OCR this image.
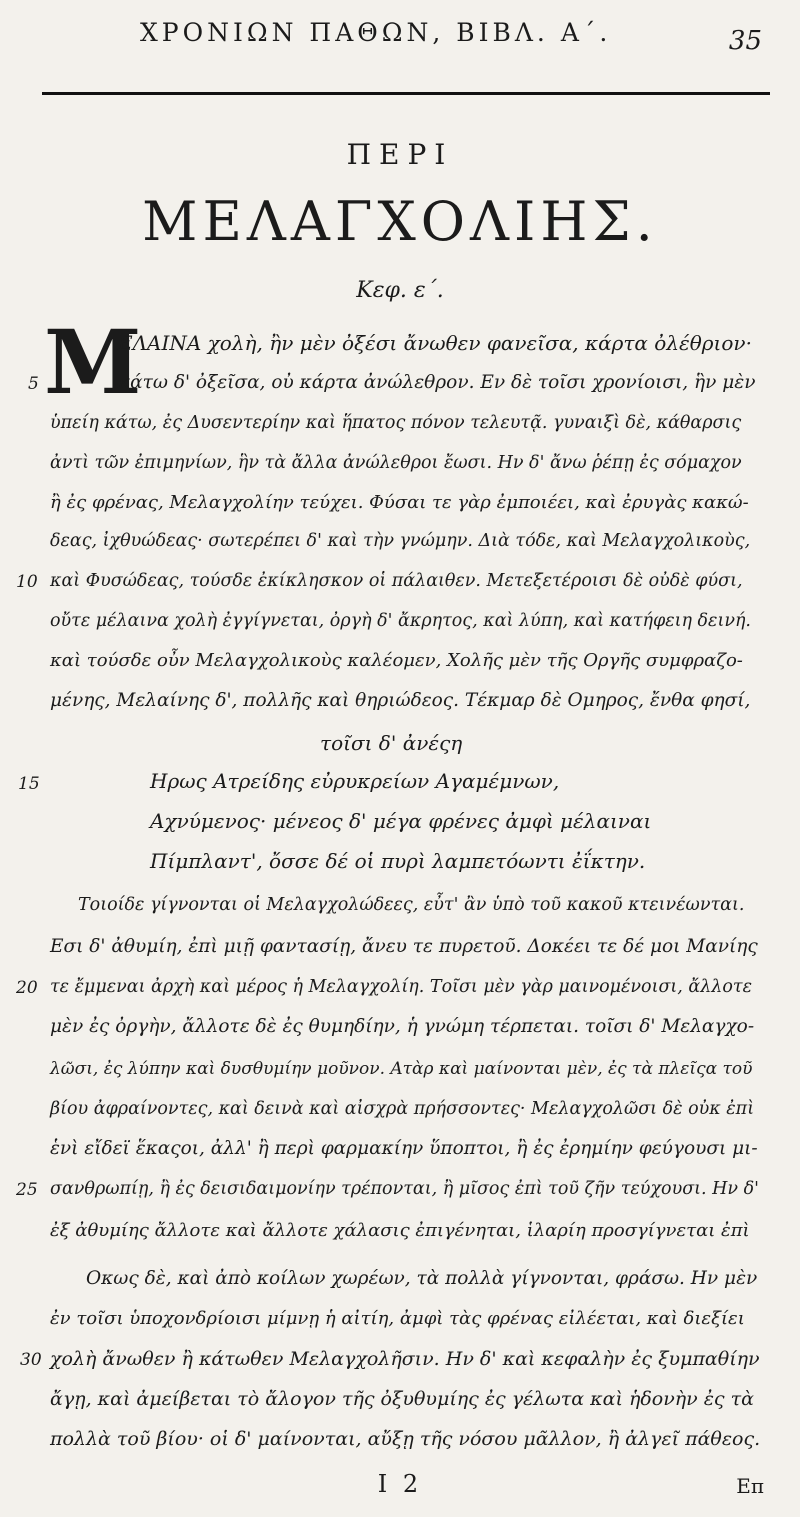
ΧΡΟΝΙΩΝ ΠΑΘΩΝ, ΒΙΒΛ. Α΄.	35
ΠΕΡΙ
ΜΕΛΑΓΧΟΛΙΗΣ.
Κεφ. ε΄.
Μ
ΕΛΑΙΝΑ χολὴ, ἢν μὲν ὀξέσι ἄνωθεν φανεῖσα, κάρτα ὀλέθριον·
κάτω δ' ὀξεῖσα, οὐ κάρτα ἀνώλεθρον. Εν δὲ τοῖσι χρονίοισι, ἣν μὲν
ὑπείη κάτω, ἐς Δυσεντερίην καὶ ἥπατος πόνον τελευτᾷ. γυναιξὶ δὲ, κάθαρσις
ἀντὶ τῶν ἐπιμηνίων, ἣν τὰ ἄλλα ἀνώλεθροι ἔωσι. Ην δ' ἄνω ῥέπῃ ἐς σόμαχον
ἢ ἐς φρένας, Μελαγχολίην τεύχει. Φύσαι τε γὰρ ἐμποιέει, καὶ ἐρυγὰς κακώ-
δεας, ἰχθυώδεας· σωτερέπει δ' καὶ τὴν γνώμην. Διὰ τόδε, καὶ Μελαγχολικοὺς,
καὶ Φυσώδεας, τούσδε ἐκίκλησκον οἱ πάλαιθεν. Μετεξετέροισι δὲ οὐδὲ φύσι,
οὔτε μέλαινα χολὴ ἐγγίγνεται, ὀργὴ δ' ἄκρητος, καὶ λύπη, καὶ κατήφειη δεινή.
καὶ τούσδε οὖν Μελαγχολικοὺς καλέομεν, Χολῆς μὲν τῆς Οργῆς συμφραζο-
μένης, Μελαίνης δ', πολλῆς καὶ θηριώδεος. Τέκμαρ δὲ Ομηρος, ἔνθα φησί,
τοῖσι δ' ἀνέςη
Ηρως Ατρείδης εὐρυκρείων Αγαμέμνων,
Αχνύμενος· μένεος δ' μέγα φρένες ἀμφὶ μέλαιναι
Πίμπλαντ', ὄσσε δέ οἱ πυρὶ λαμπετόωντι ἐΐκτην.
Τοιοίδε γίγνονται οἱ Μελαγχολώδεες, εὖτ' ἂν ὑπὸ τοῦ κακοῦ κτεινέωνται.
Εσι δ' ἀθυμίη, ἐπὶ μιῇ φαντασίῃ, ἄνευ τε πυρετοῦ. Δοκέει τε δέ μοι Μανίης
τε ἔμμεναι ἀρχὴ καὶ μέρος ἡ Μελαγχολίη. Τοῖσι μὲν γὰρ μαινομένοισι, ἄλλοτε
μὲν ἐς ὀργὴν, ἄλλοτε δὲ ἐς θυμηδίην, ἡ γνώμη τέρπεται. τοῖσι δ' Μελαγχο-
λῶσι, ἐς λύπην καὶ δυσθυμίην μοῦνον. Ατὰρ καὶ μαίνονται μὲν, ἐς τὰ πλεῖςα τοῦ
βίου ἀφραίνοντες, καὶ δεινὰ καὶ αἰσχρὰ πρήσσοντες· Μελαγχολῶσι δὲ οὐκ ἐπὶ
ἑνὶ εἴδεϊ ἕκαςοι, ἀλλ' ἢ περὶ φαρμακίην ὕποπτοι, ἢ ἐς ἐρημίην φεύγουσι μι-
σανθρωπίῃ, ἢ ἐς δεισιδαιμονίην τρέπονται, ἢ μῖσος ἐπὶ τοῦ ζῆν τεύχουσι. Ην δ'
ἐξ ἀθυμίης ἄλλοτε καὶ ἄλλοτε χάλασις ἐπιγένηται, ἱλαρίη προσγίγνεται ἐπὶ
Οκως δὲ, καὶ ἀπὸ κοίλων χωρέων, τὰ πολλὰ γίγνονται, φράσω. Ην μὲν
ἐν τοῖσι ὑποχονδρίοισι μίμνῃ ἡ αἰτίη, ἀμφὶ τὰς φρένας εἰλέεται, καὶ διεξίει
χολὴ ἄνωθεν ἢ κάτωθεν Μελαγχολῆσιν. Ην δ' καὶ κεφαλὴν ἐς ξυμπαθίην
ἄγῃ, καὶ ἀμείβεται τὸ ἄλογον τῆς ὀξυθυμίης ἐς γέλωτα καὶ ἡδονὴν ἐς τὰ
πολλὰ τοῦ βίου· οἱ δ' μαίνονται, αὔξῃ τῆς νόσου μᾶλλον, ἢ ἀλγεῖ πάθεος.
5
10
15
20
25
30
I 2	Επ
